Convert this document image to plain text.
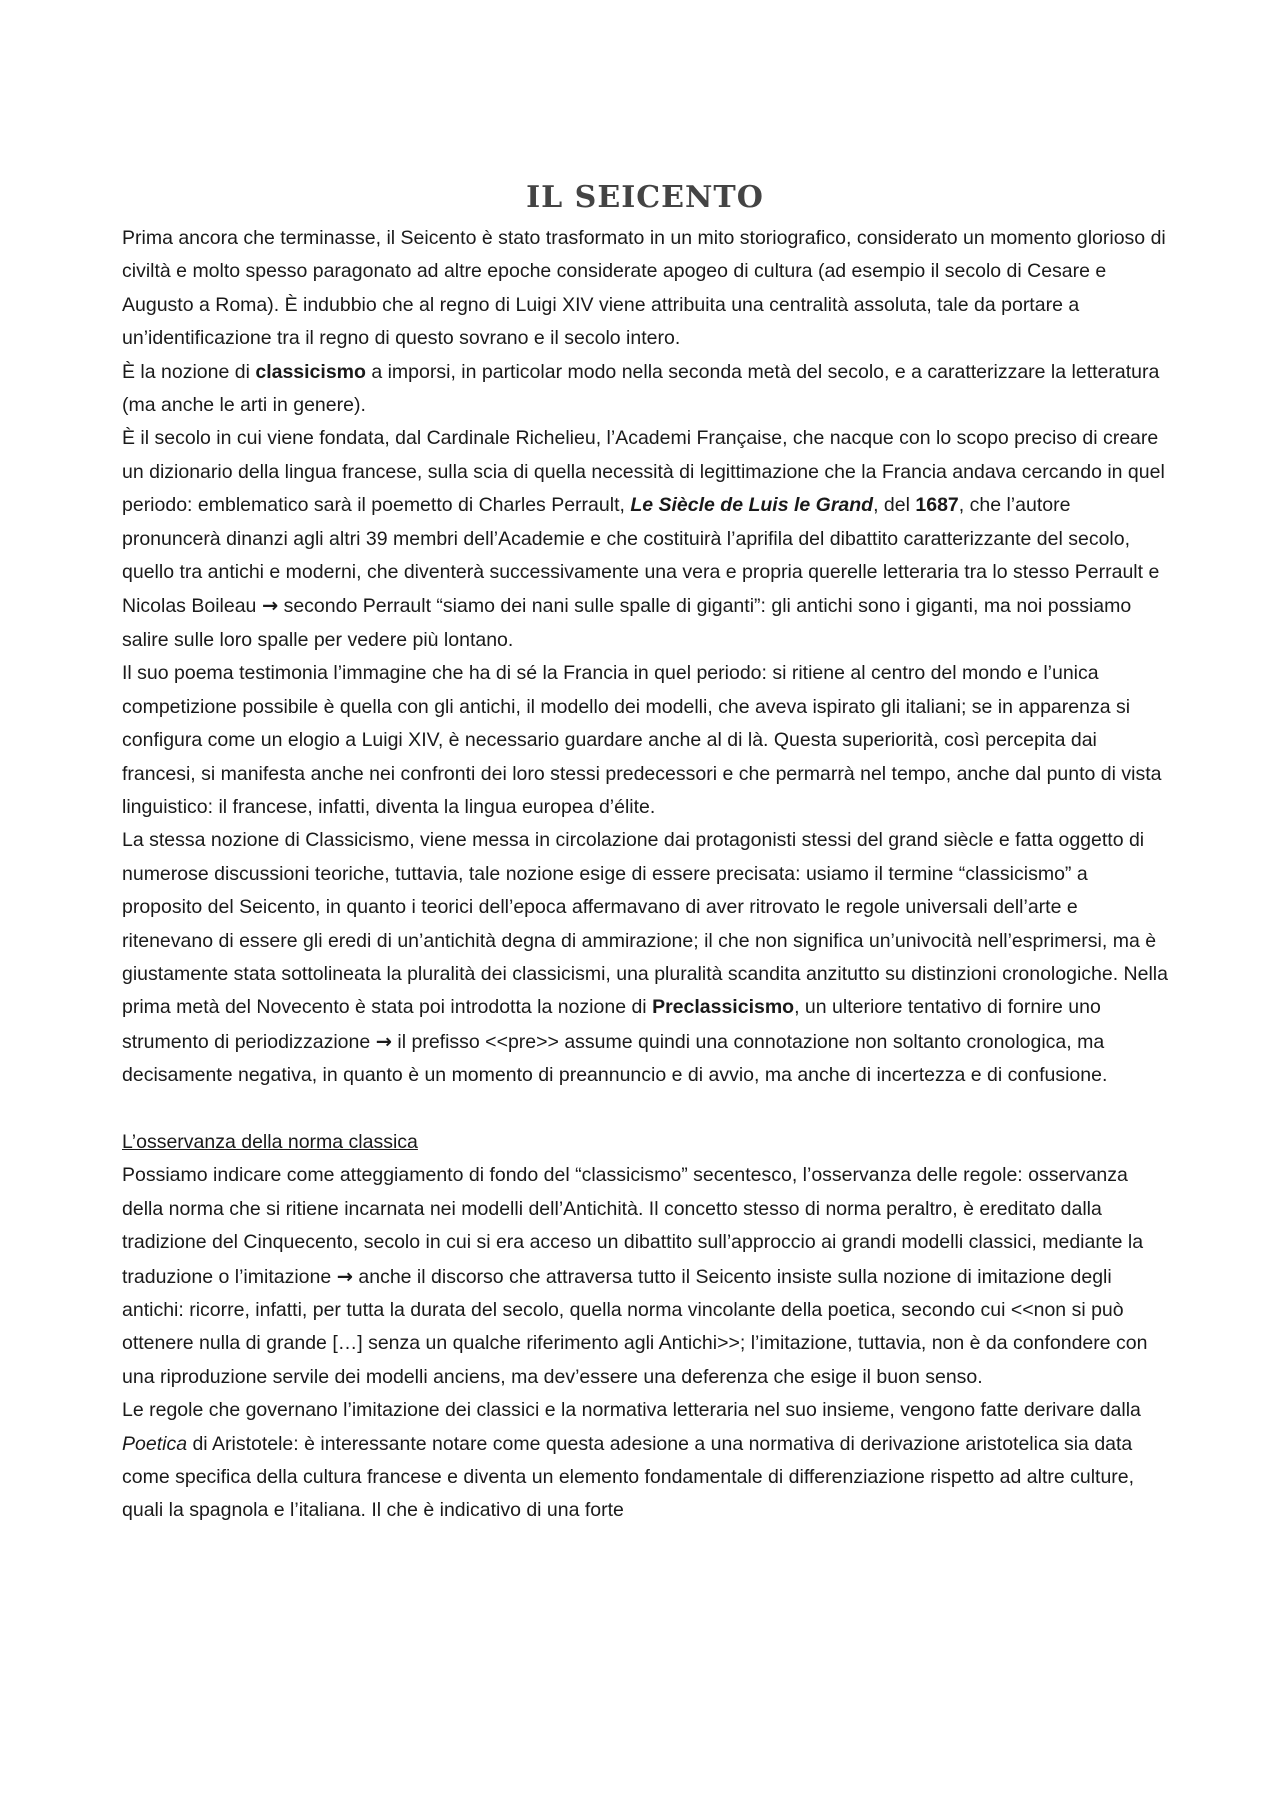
IL SEICENTO

Prima ancora che terminasse, il Seicento è stato trasformato in un mito storiografico, considerato un momento glorioso di civiltà e molto spesso paragonato ad altre epoche considerate apogeo di cultura (ad esempio il secolo di Cesare e Augusto a Roma). È indubbio che al regno di Luigi XIV viene attribuita una centralità assoluta, tale da portare a un’identificazione tra il regno di questo sovrano e il secolo intero.

È la nozione di classicismo a imporsi, in particolar modo nella seconda metà del secolo, e a caratterizzare la letteratura (ma anche le arti in genere).

È il secolo in cui viene fondata, dal Cardinale Richelieu, l’Academi Française, che nacque con lo scopo preciso di creare un dizionario della lingua francese, sulla scia di quella necessità di legittimazione che la Francia andava cercando in quel periodo: emblematico sarà il poemetto di Charles Perrault, Le Siècle de Luis le Grand, del 1687, che l’autore pronuncerà dinanzi agli altri 39 membri dell’Academie e che costituirà l’aprifila del dibattito caratterizzante del secolo, quello tra antichi e moderni, che diventerà successivamente una vera e propria querelle letteraria tra lo stesso Perrault e Nicolas Boileau → secondo Perrault “siamo dei nani sulle spalle di giganti”: gli antichi sono i giganti, ma noi possiamo salire sulle loro spalle per vedere più lontano.

Il suo poema testimonia l’immagine che ha di sé la Francia in quel periodo: si ritiene al centro del mondo e l’unica competizione possibile è quella con gli antichi, il modello dei modelli, che aveva ispirato gli italiani; se in apparenza si configura come un elogio a Luigi XIV, è necessario guardare anche al di là. Questa superiorità, così percepita dai francesi, si manifesta anche nei confronti dei loro stessi predecessori e che permarrà nel tempo, anche dal punto di vista linguistico: il francese, infatti, diventa la lingua europea d’élite.

La stessa nozione di Classicismo, viene messa in circolazione dai protagonisti stessi del grand siècle e fatta oggetto di numerose discussioni teoriche, tuttavia, tale nozione esige di essere precisata: usiamo il termine “classicismo” a proposito del Seicento, in quanto i teorici dell’epoca affermavano di aver ritrovato le regole universali dell’arte e ritenevano di essere gli eredi di un’antichità degna di ammirazione; il che non significa un’univocità nell’esprimersi, ma è giustamente stata sottolineata la pluralità dei classicismi, una pluralità scandita anzitutto su distinzioni cronologiche. Nella prima metà del Novecento è stata poi introdotta la nozione di Preclassicismo, un ulteriore tentativo di fornire uno strumento di periodizzazione → il prefisso <<pre>> assume quindi una connotazione non soltanto cronologica, ma decisamente negativa, in quanto è un momento di preannuncio e di avvio, ma anche di incertezza e di confusione.

L’osservanza della norma classica

Possiamo indicare come atteggiamento di fondo del “classicismo” secentesco, l’osservanza delle regole: osservanza della norma che si ritiene incarnata nei modelli dell’Antichità. Il concetto stesso di norma peraltro, è ereditato dalla tradizione del Cinquecento, secolo in cui si era acceso un dibattito sull’approccio ai grandi modelli classici, mediante la traduzione o l’imitazione → anche il discorso che attraversa tutto il Seicento insiste sulla nozione di imitazione degli antichi: ricorre, infatti, per tutta la durata del secolo, quella norma vincolante della poetica, secondo cui <<non si può ottenere nulla di grande […] senza un qualche riferimento agli Antichi>>; l’imitazione, tuttavia, non è da confondere con una riproduzione servile dei modelli anciens, ma dev’essere una deferenza che esige il buon senso.

Le regole che governano l’imitazione dei classici e la normativa letteraria nel suo insieme, vengono fatte derivare dalla Poetica di Aristotele: è interessante notare come questa adesione a una normativa di derivazione aristotelica sia data come specifica della cultura francese e diventa un elemento fondamentale di differenziazione rispetto ad altre culture, quali la spagnola e l’italiana. Il che è indicativo di una forte
